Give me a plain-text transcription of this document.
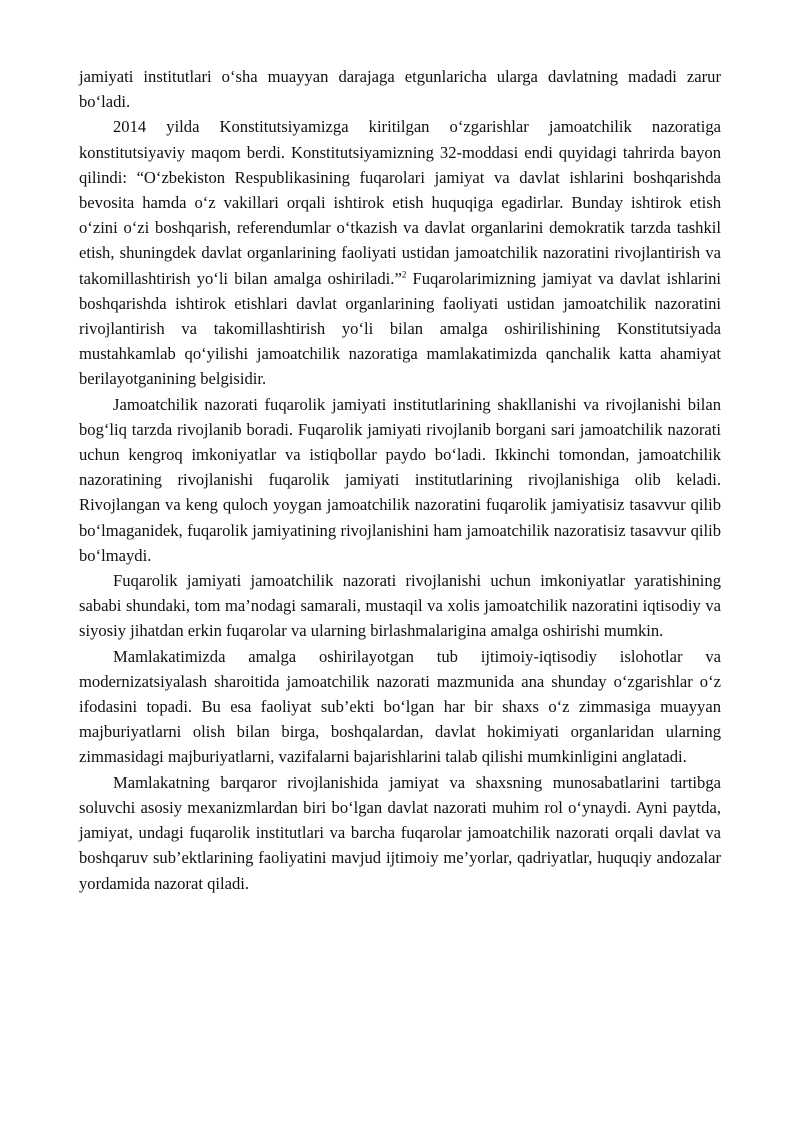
jamiyati institutlari o‘sha muayyan darajaga etgunlaricha ularga davlatning madadi zarur bo‘ladi.

2014 yilda Konstitutsiyamizga kiritilgan o‘zgarishlar jamoatchilik nazoratiga konstitutsiyaviy maqom berdi. Konstitutsiyamizning 32-moddasi endi quyidagi tahrirda bayon qilindi: “O‘zbekiston Respublikasining fuqarolari jamiyat va davlat ishlarini boshqarishda bevosita hamda o‘z vakillari orqali ishtirok etish huquqiga egadirlar. Bunday ishtirok etish o‘zini o‘zi boshqarish, referendumlar o‘tkazish va davlat organlarini demokratik tarzda tashkil etish, shuningdek davlat organlarining faoliyati ustidan jamoatchilik nazoratini rivojlantirish va takomillashtirish yo‘li bilan amalga oshiriladi.”$^2$ Fuqarolarimizning jamiyat va davlat ishlarini boshqarishda ishtirok etishlari davlat organlarining faoliyati ustidan jamoatchilik nazoratini rivojlantirish va takomillashtirish yo‘li bilan amalga oshirilishining Konstitutsiyada mustahkamlab qo‘yilishi jamoatchilik nazoratiga mamlakatimizda qanchalik katta ahamiyat berilayotganining belgisidir.

Jamoatchilik nazorati fuqarolik jamiyati institutlarining shakllanishi va rivojlanishi bilan bog‘liq tarzda rivojlanib boradi. Fuqarolik jamiyati rivojlanib borgani sari jamoatchilik nazorati uchun kengroq imkoniyatlar va istiqbollar paydo bo‘ladi. Ikkinchi tomondan, jamoatchilik nazoratining rivojlanishi fuqarolik jamiyati institutlarining rivojlanishiga olib keladi. Rivojlangan va keng quloch yoygan jamoatchilik nazoratini fuqarolik jamiyatisiz tasavvur qilib bo‘lmaganidek, fuqarolik jamiyatining rivojlanishini ham jamoatchilik nazoratisiz tasavvur qilib bo‘lmaydi.

Fuqarolik jamiyati jamoatchilik nazorati rivojlanishi uchun imkoniyatlar yaratishining sababi shundaki, tom ma’nodagi samarali, mustaqil va xolis jamoatchilik nazoratini iqtisodiy va siyosiy jihatdan erkin fuqarolar va ularning birlashmalarigina amalga oshirishi mumkin.

Mamlakatimizda amalga oshirilayotgan tub ijtimoiy-iqtisodiy islohotlar va modernizatsiyalash sharoitida jamoatchilik nazorati mazmunida ana shunday o‘zgarishlar o‘z ifodasini topadi. Bu esa faoliyat sub’ekti bo‘lgan har bir shaxs o‘z zimmasiga muayyan majburiyatlarni olish bilan birga, boshqalardan, davlat hokimiyati organlaridan ularning zimmasidagi majburiyatlarni, vazifalarni bajarishlarini talab qilishi mumkinligini anglatadi.

Mamlakatning barqaror rivojlanishida jamiyat va shaxsning munosabatlarini tartibga soluvchi asosiy mexanizmlardan biri bo‘lgan davlat nazorati muhim rol o‘ynaydi. Ayni paytda, jamiyat, undagi fuqarolik institutlari va barcha fuqarolar jamoatchilik nazorati orqali davlat va boshqaruv sub’ektlarining faoliyatini mavjud ijtimoiy me’yorlar, qadriyatlar, huquqiy andozalar yordamida nazorat qiladi.
